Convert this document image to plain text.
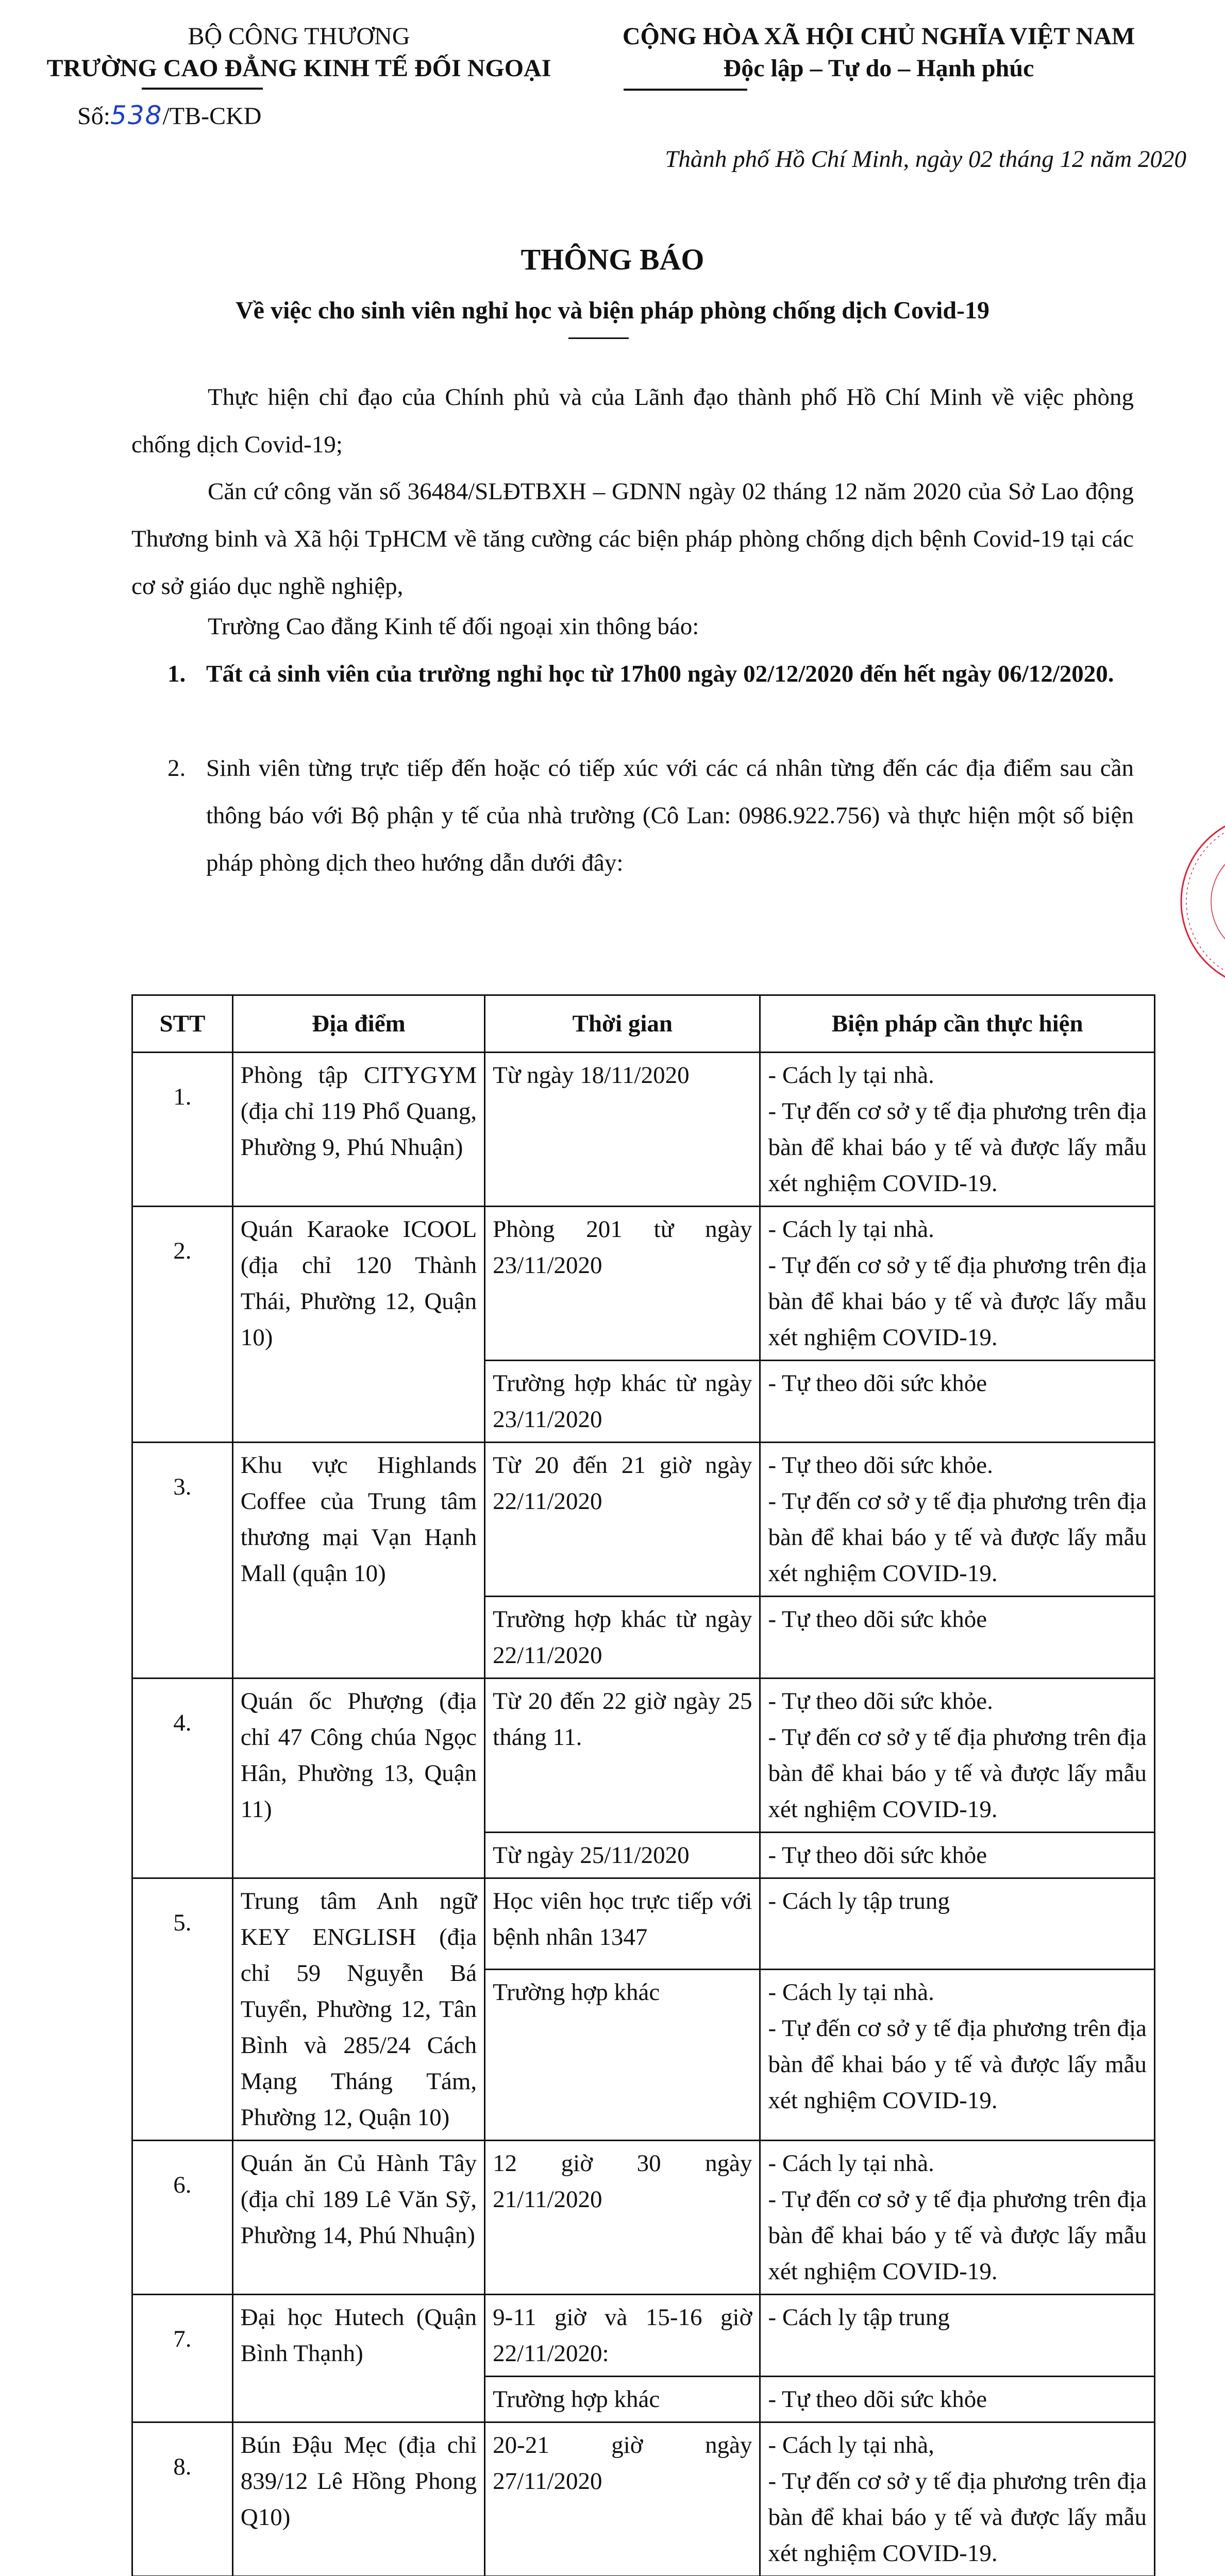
BỘ CÔNG THƯƠNG
TRƯỜNG CAO ĐẲNG KINH TẾ ĐỐI NGOẠI
Số:538/TB-CKD
CỘNG HÒA XÃ HỘI CHỦ NGHĨA VIỆT NAM
Độc lập – Tự do – Hạnh phúc
Thành phố Hồ Chí Minh, ngày 02 tháng 12 năm 2020
THÔNG BÁO
Về việc cho sinh viên nghỉ học và biện pháp phòng chống dịch Covid-19
Thực hiện chỉ đạo của Chính phủ và của Lãnh đạo thành phố Hồ Chí Minh về việc phòng chống dịch Covid-19;
Căn cứ công văn số 36484/SLĐTBXH – GDNN ngày 02 tháng 12 năm 2020 của Sở Lao động Thương binh và Xã hội TpHCM về tăng cường các biện pháp phòng chống dịch bệnh Covid-19 tại các cơ sở giáo dục nghề nghiệp,
Trường Cao đẳng Kinh tế đối ngoại xin thông báo:
1. Tất cả sinh viên của trường nghỉ học từ 17h00 ngày 02/12/2020 đến hết ngày 06/12/2020.
2. Sinh viên từng trực tiếp đến hoặc có tiếp xúc với các cá nhân từng đến các địa điểm sau cần thông báo với Bộ phận y tế của nhà trường (Cô Lan: 0986.922.756) và thực hiện một số biện pháp phòng dịch theo hướng dẫn dưới đây:
STT	Địa điểm	Thời gian	Biện pháp cần thực hiện
1.	Phòng tập CITYGYM (địa chỉ 119 Phổ Quang, Phường 9, Phú Nhuận)	Từ ngày 18/11/2020	- Cách ly tại nhà.
- Tự đến cơ sở y tế địa phương trên địa bàn để khai báo y tế và được lấy mẫu xét nghiệm COVID-19.

2.	Quán Karaoke ICOOL (địa chỉ 120 Thành Thái, Phường 12, Quận 10)	Phòng 201 từ ngày 23/11/2020	- Cách ly tại nhà.
- Tự đến cơ sở y tế địa phương trên địa bàn để khai báo y tế và được lấy mẫu xét nghiệm COVID-19.

		Trường hợp khác từ ngày 23/11/2020	- Tự theo dõi sức khỏe

3.	Khu vực Highlands Coffee của Trung tâm thương mại Vạn Hạnh Mall (quận 10)	Từ 20 đến 21 giờ ngày 22/11/2020	- Tự theo dõi sức khỏe.
- Tự đến cơ sở y tế địa phương trên địa bàn để khai báo y tế và được lấy mẫu xét nghiệm COVID-19.

		Trường hợp khác từ ngày 22/11/2020	- Tự theo dõi sức khỏe

4.	Quán ốc Phượng (địa chỉ 47 Công chúa Ngọc Hân, Phường 13, Quận 11)	Từ 20 đến 22 giờ ngày 25 tháng 11.	- Tự theo dõi sức khỏe.
- Tự đến cơ sở y tế địa phương trên địa bàn để khai báo y tế và được lấy mẫu xét nghiệm COVID-19.

		Từ ngày 25/11/2020	- Tự theo dõi sức khỏe

5.	Trung tâm Anh ngữ KEY ENGLISH (địa chỉ 59 Nguyễn Bá Tuyển, Phường 12, Tân Bình và 285/24 Cách Mạng Tháng Tám, Phường 12, Quận 10)	Học viên học trực tiếp với bệnh nhân 1347	- Cách ly tập trung

		Trường hợp khác	- Cách ly tại nhà.
- Tự đến cơ sở y tế địa phương trên địa bàn để khai báo y tế và được lấy mẫu xét nghiệm COVID-19.

6.	Quán ăn Củ Hành Tây (địa chỉ 189 Lê Văn Sỹ, Phường 14, Phú Nhuận)	12 giờ 30 ngày 21/11/2020	- Cách ly tại nhà.
- Tự đến cơ sở y tế địa phương trên địa bàn để khai báo y tế và được lấy mẫu xét nghiệm COVID-19.

7.	Đại học Hutech (Quận Bình Thạnh)	9-11 giờ và 15-16 giờ 22/11/2020:	- Cách ly tập trung

		Trường hợp khác	- Tự theo dõi sức khỏe

8.	Bún Đậu Mẹc (địa chỉ 839/12 Lê Hồng Phong Q10)	20-21 giờ ngày 27/11/2020	- Cách ly tại nhà,
- Tự đến cơ sở y tế địa phương trên địa bàn để khai báo y tế và được lấy mẫu xét nghiệm COVID-19.
